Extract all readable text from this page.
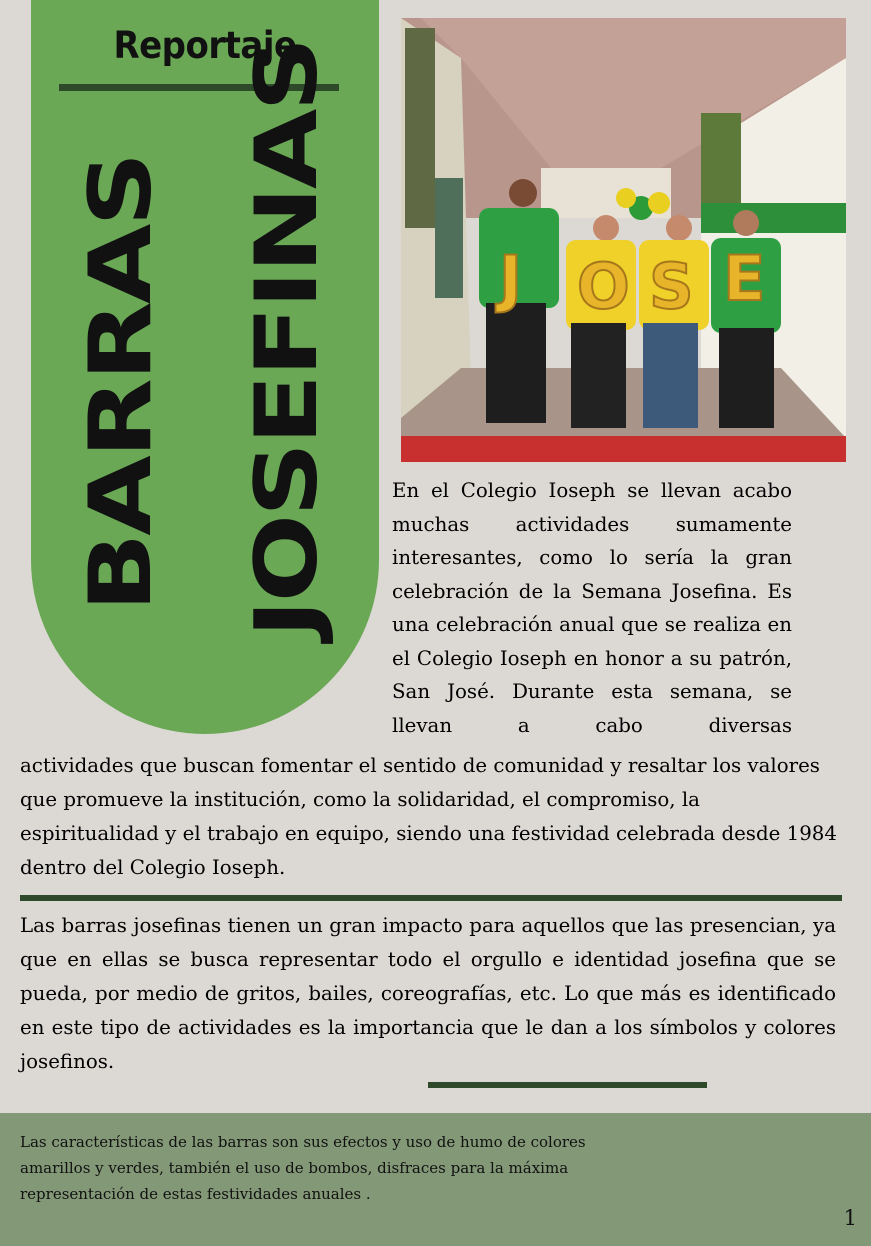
Reportaje
BARRAS JOSEFINAS	J O S E
En el Colegio Ioseph se llevan acabo muchas actividades sumamente interesantes, como lo sería la gran celebración de la Semana Josefina. Es una celebración anual que se realiza en el Colegio Ioseph en honor a su patrón, San José. Durante esta semana, se llevan a cabo diversas
actividades que buscan fomentar el sentido de comunidad y resaltar los valores que promueve la institución, como la solidaridad, el compromiso, la espiritualidad y el trabajo en equipo, siendo una festividad celebrada desde 1984 dentro del Colegio Ioseph.
Las barras josefinas tienen un gran impacto para aquellos que las presencian, ya que en ellas se busca representar todo el orgullo e identidad josefina que se pueda, por medio de gritos, bailes, coreografías, etc. Lo que más es identificado en este tipo de actividades es la importancia que le dan a los símbolos y colores josefinos.
Las características de las barras son sus efectos y uso de humo de colores amarillos y verdes, también el uso de bombos, disfraces para la máxima representación de estas festividades anuales .
1
